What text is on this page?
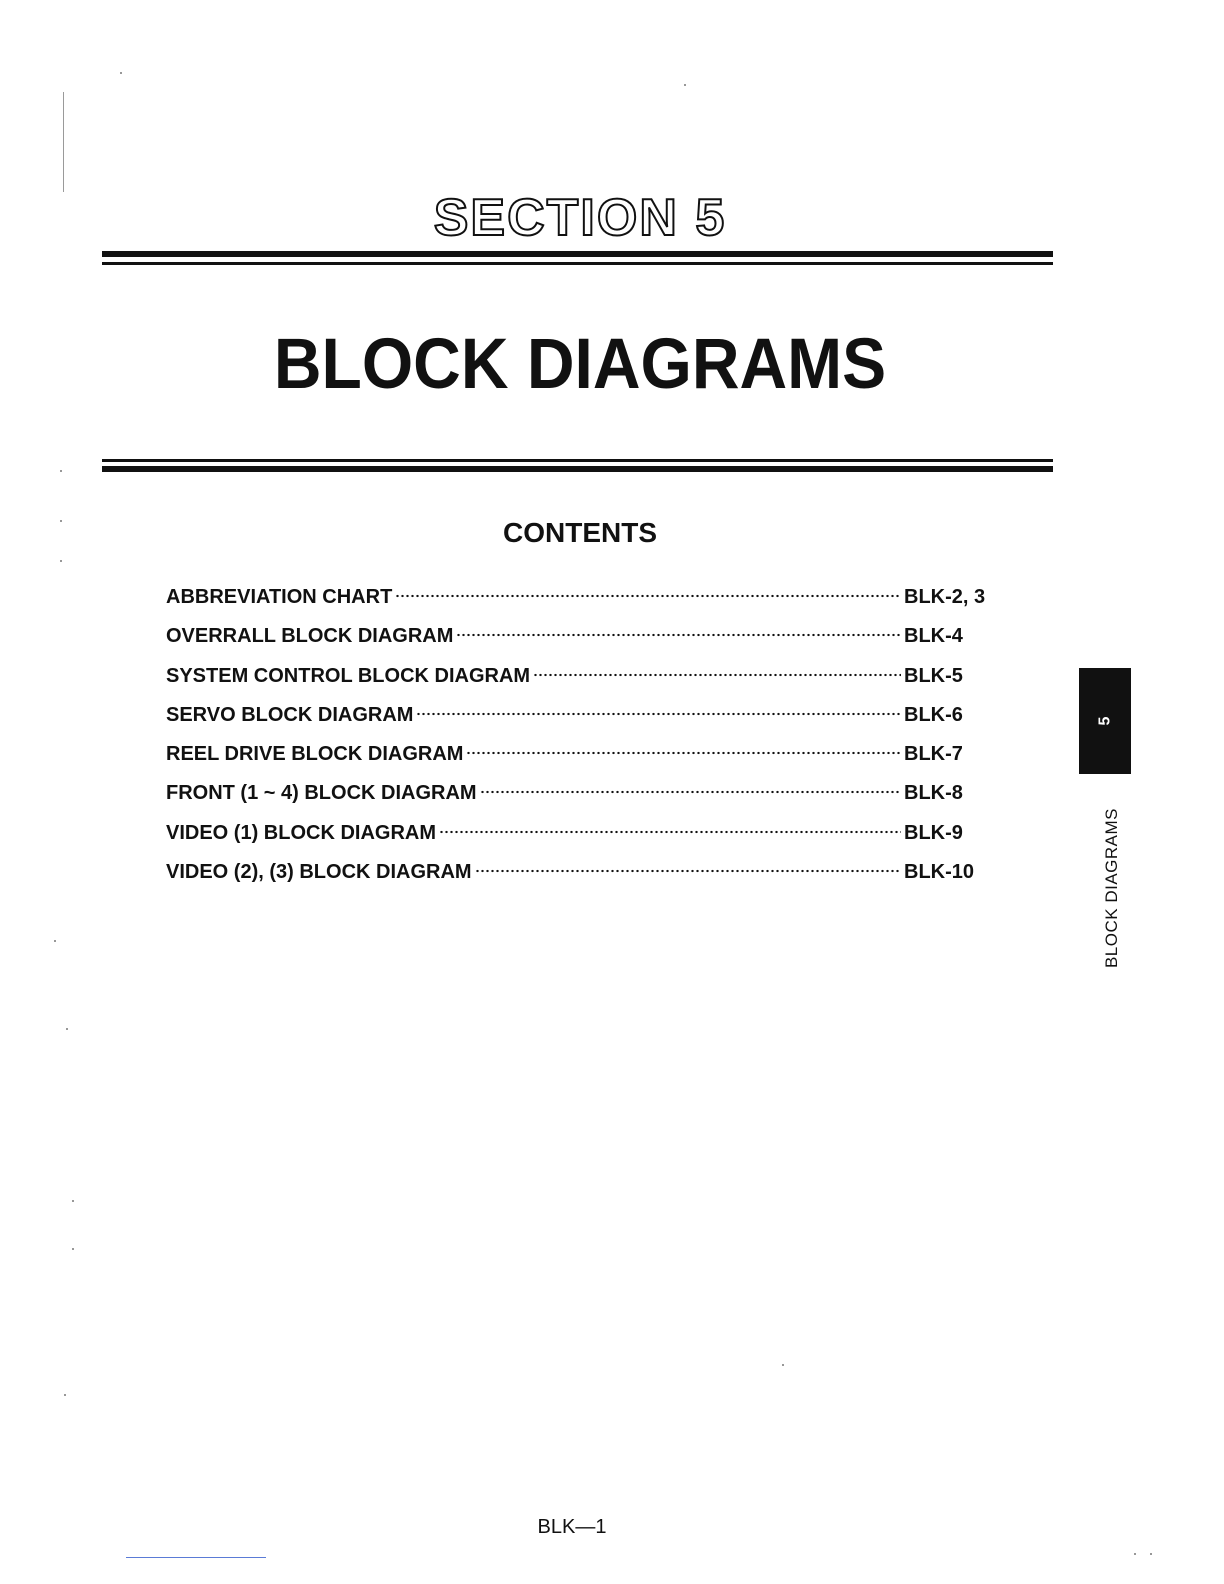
SECTION 5
BLOCK DIAGRAMS
CONTENTS
ABBREVIATION CHART	BLK-2, 3
OVERRALL BLOCK DIAGRAM	BLK-4
SYSTEM CONTROL BLOCK DIAGRAM	BLK-5
SERVO BLOCK DIAGRAM	BLK-6
REEL DRIVE BLOCK DIAGRAM	BLK-7
FRONT (1 ~ 4) BLOCK DIAGRAM	BLK-8
VIDEO (1) BLOCK DIAGRAM	BLK-9
VIDEO (2), (3) BLOCK DIAGRAM	BLK-10
5
BLOCK DIAGRAMS
BLK—1
